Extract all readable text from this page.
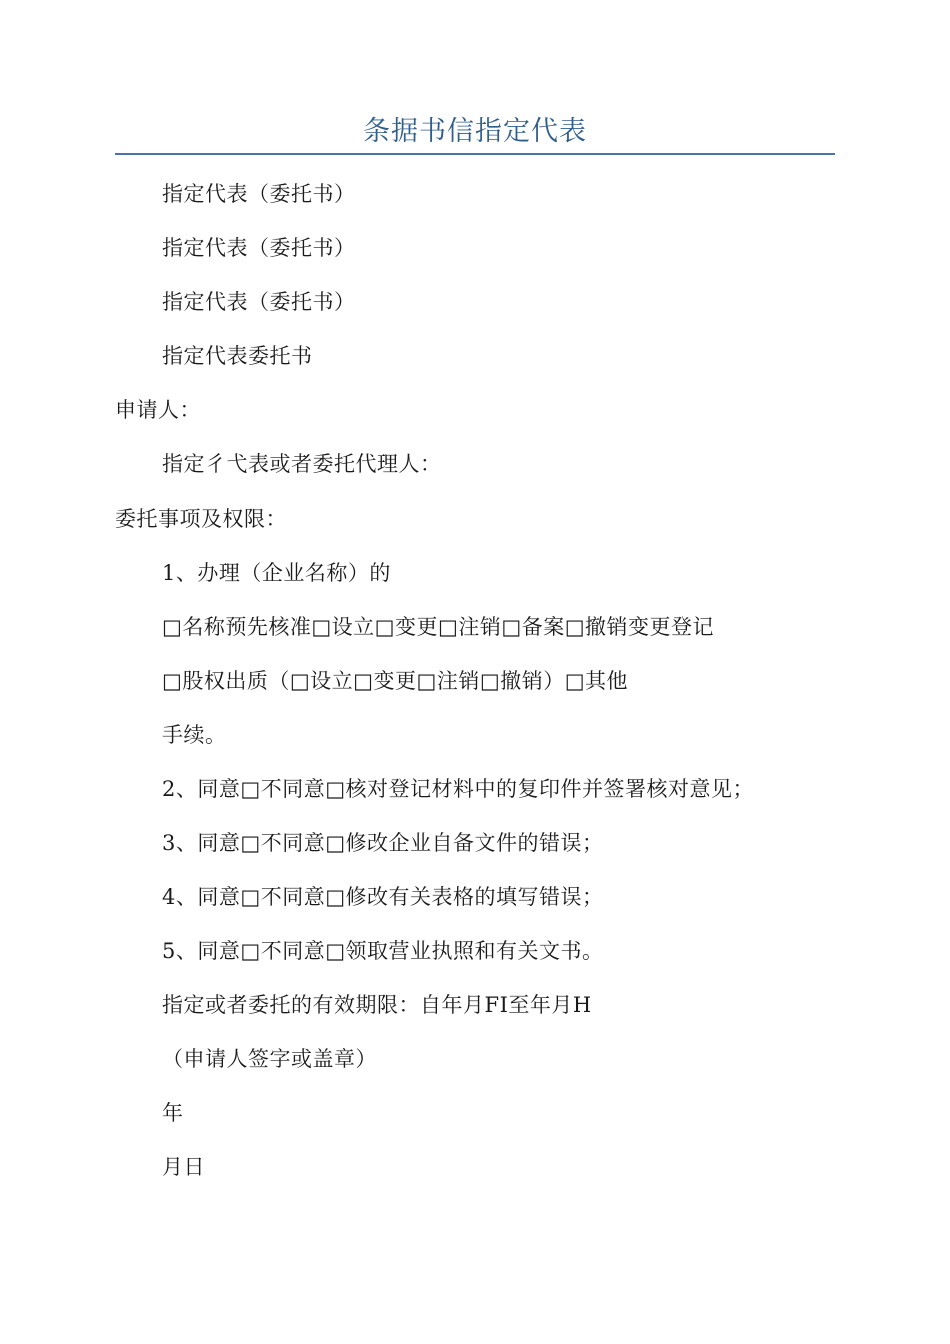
条据书信指定代表
指定代表（委托书）
指定代表（委托书）
指定代表（委托书）
指定代表委托书
申请人：
指定彳弋表或者委托代理人：
委托事项及权限：
1、办理（企业名称）的
□名称预先核准□设立□变更□注销□备案□撤销变更登记
□股权出质（□设立□变更□注销□撤销）□其他
手续。
2、同意□不同意□核对登记材料中的复印件并签署核对意见；
3、同意□不同意□修改企业自备文件的错误；
4、同意□不同意□修改有关表格的填写错误；
5、同意□不同意□领取营业执照和有关文书。
指定或者委托的有效期限：自年月FI至年月H
（申请人签字或盖章）
年
月日
